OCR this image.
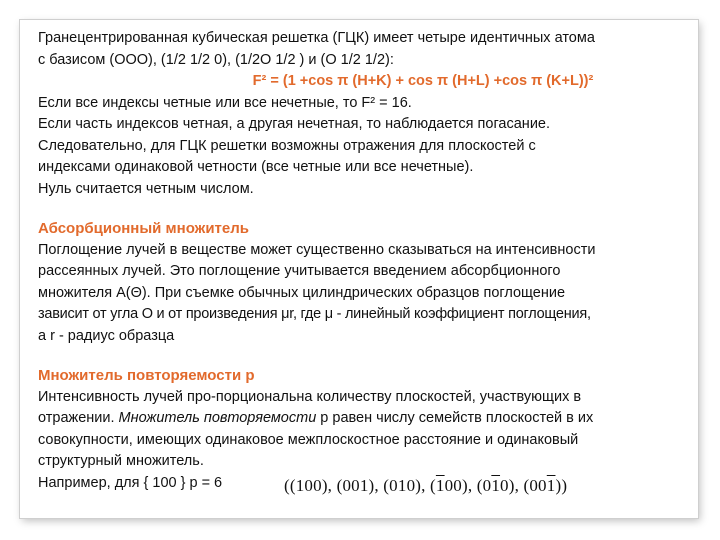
Гранецентрированная кубическая решетка (ГЦК) имеет четыре идентичных атома

с базисом (ООО), (1/2 1/2 0), (1/2О 1/2 ) и (О 1/2 1/2):

F² = (1 +cos π (H+K) + cos π (H+L) +cos π (K+L))²

Если все индексы четные или все нечетные, то F² = 16.

Если часть индексов четная, а другая нечетная, то наблюдается погасание.

Следовательно, для ГЦК решетки возможны отражения для плоскостей с

индексами одинаковой четности (все четные или все нечетные).

Нуль считается четным числом.

Абсорбционный множитель

Поглощение лучей в веществе может существенно сказываться на интенсивности

рассеянных лучей. Это поглощение учитывается введением абсорбционного

множителя А(Θ). При съемке обычных цилиндрических образцов поглощение

зависит от угла О и от произведения μr, где μ - линейный коэффициент поглощения,

а r - радиус образца

Множитель повторяемости р

Интенсивность лучей про-порциональна количеству плоскостей, участвующих в

отражении. Множитель повторяемости р равен числу семейств плоскостей в их

совокупности, имеющих одинаковое межплоскостное расстояние и одинаковый

структурный множитель.

Например, для { 100 } р = 6	((100), (001), (010), (100), (010), (001))
